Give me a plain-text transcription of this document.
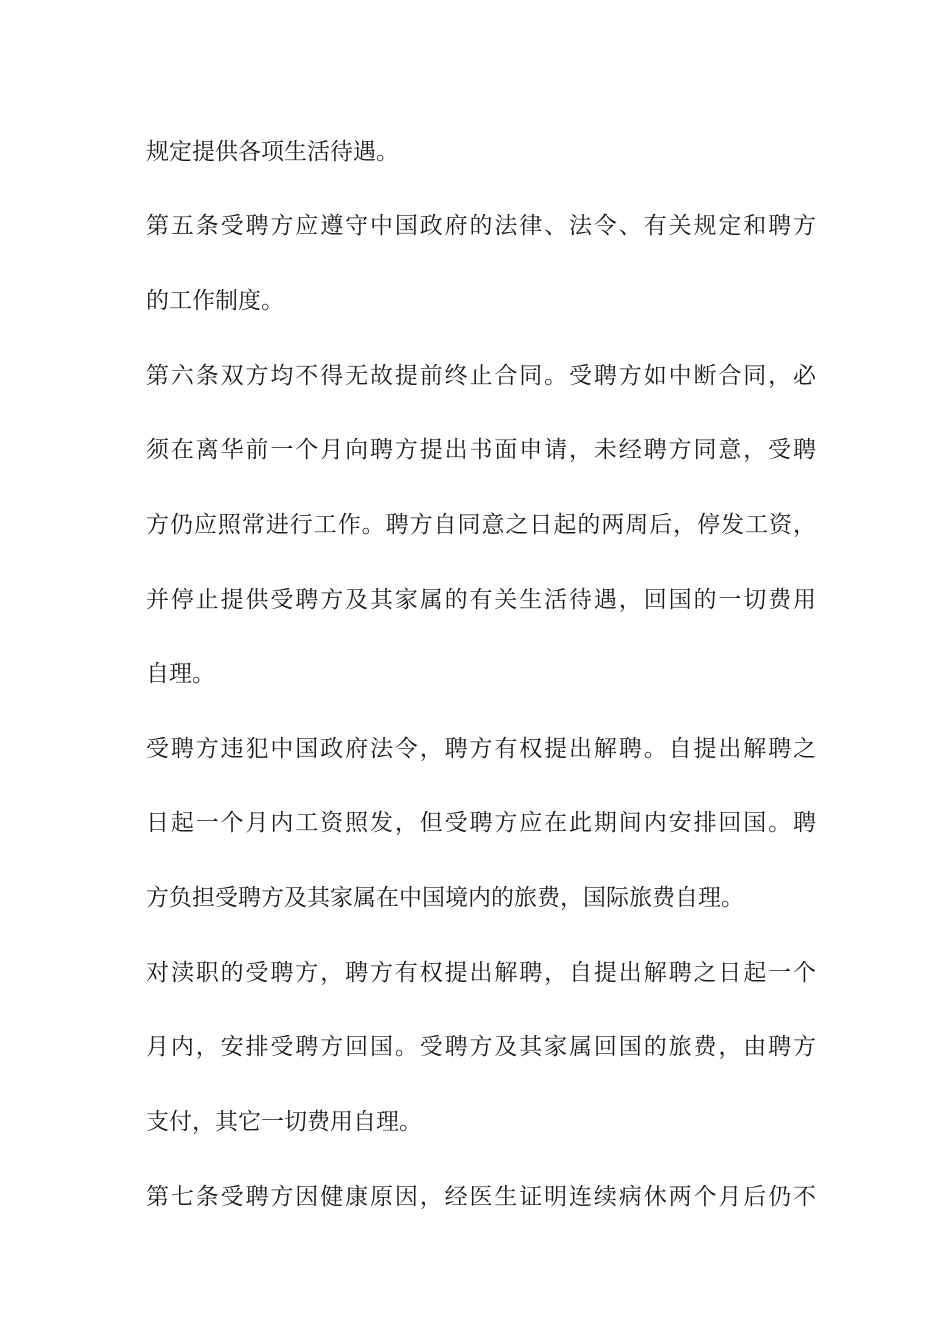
规定提供各项生活待遇。
第五条受聘方应遵守中国政府的法律、法令、有关规定和聘方
的工作制度。
第六条双方均不得无故提前终止合同。受聘方如中断合同，必
须在离华前一个月向聘方提出书面申请，未经聘方同意，受聘
方仍应照常进行工作。聘方自同意之日起的两周后，停发工资，
并停止提供受聘方及其家属的有关生活待遇，回国的一切费用
自理。
受聘方违犯中国政府法令，聘方有权提出解聘。自提出解聘之
日起一个月内工资照发，但受聘方应在此期间内安排回国。聘
方负担受聘方及其家属在中国境内的旅费，国际旅费自理。
对渎职的受聘方，聘方有权提出解聘，自提出解聘之日起一个
月内，安排受聘方回国。受聘方及其家属回国的旅费，由聘方
支付，其它一切费用自理。
第七条受聘方因健康原因，经医生证明连续病休两个月后仍不
